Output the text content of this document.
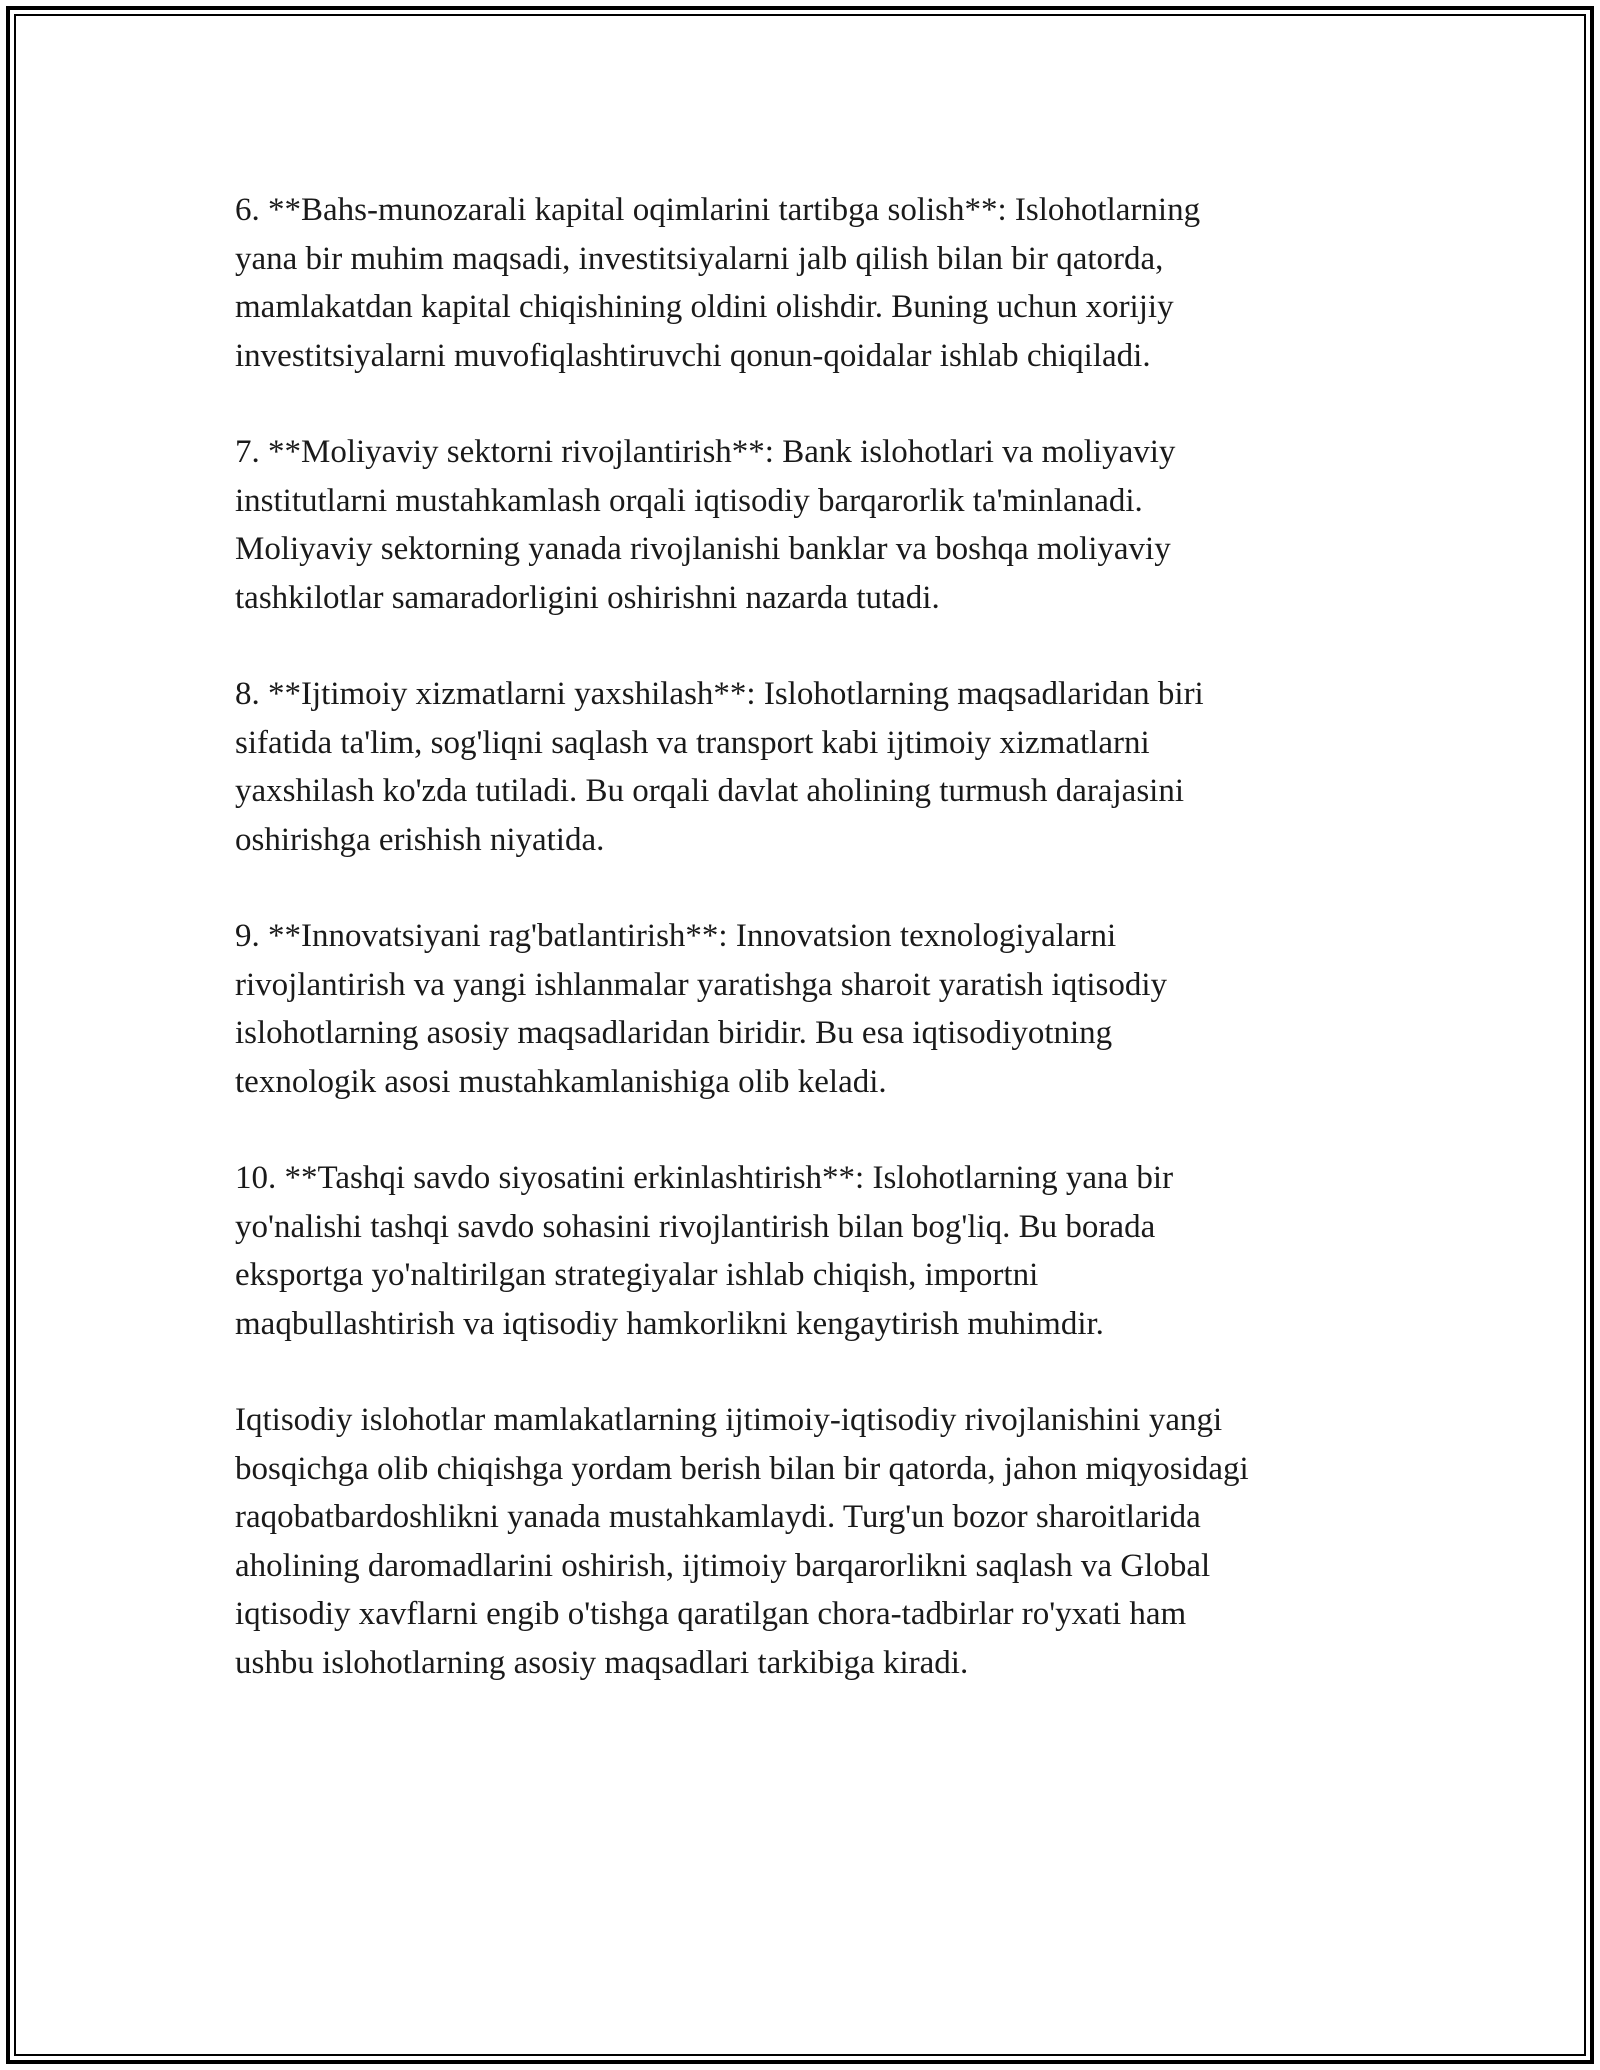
6. **Bahs-munozarali kapital oqimlarini tartibga solish**: Islohotlarning
yana bir muhim maqsadi, investitsiyalarni jalb qilish bilan bir qatorda,
mamlakatdan kapital chiqishining oldini olishdir. Buning uchun xorijiy
investitsiyalarni muvofiqlashtiruvchi qonun-qoidalar ishlab chiqiladi.

7. **Moliyaviy sektorni rivojlantirish**: Bank islohotlari va moliyaviy
institutlarni mustahkamlash orqali iqtisodiy barqarorlik ta'minlanadi.
Moliyaviy sektorning yanada rivojlanishi banklar va boshqa moliyaviy
tashkilotlar samaradorligini oshirishni nazarda tutadi.

8. **Ijtimoiy xizmatlarni yaxshilash**: Islohotlarning maqsadlaridan biri
sifatida ta'lim, sog'liqni saqlash va transport kabi ijtimoiy xizmatlarni
yaxshilash ko'zda tutiladi. Bu orqali davlat aholining turmush darajasini
oshirishga erishish niyatida.

9. **Innovatsiyani rag'batlantirish**: Innovatsion texnologiyalarni
rivojlantirish va yangi ishlanmalar yaratishga sharoit yaratish iqtisodiy
islohotlarning asosiy maqsadlaridan biridir. Bu esa iqtisodiyotning
texnologik asosi mustahkamlanishiga olib keladi.

10. **Tashqi savdo siyosatini erkinlashtirish**: Islohotlarning yana bir
yo'nalishi tashqi savdo sohasini rivojlantirish bilan bog'liq. Bu borada
eksportga yo'naltirilgan strategiyalar ishlab chiqish, importni
maqbullashtirish va iqtisodiy hamkorlikni kengaytirish muhimdir.

Iqtisodiy islohotlar mamlakatlarning ijtimoiy-iqtisodiy rivojlanishini yangi
bosqichga olib chiqishga yordam berish bilan bir qatorda, jahon miqyosidagi
raqobatbardoshlikni yanada mustahkamlaydi. Turg'un bozor sharoitlarida
aholining daromadlarini oshirish, ijtimoiy barqarorlikni saqlash va Global
iqtisodiy xavflarni engib o'tishga qaratilgan chora-tadbirlar ro'yxati ham
ushbu islohotlarning asosiy maqsadlari tarkibiga kiradi.
